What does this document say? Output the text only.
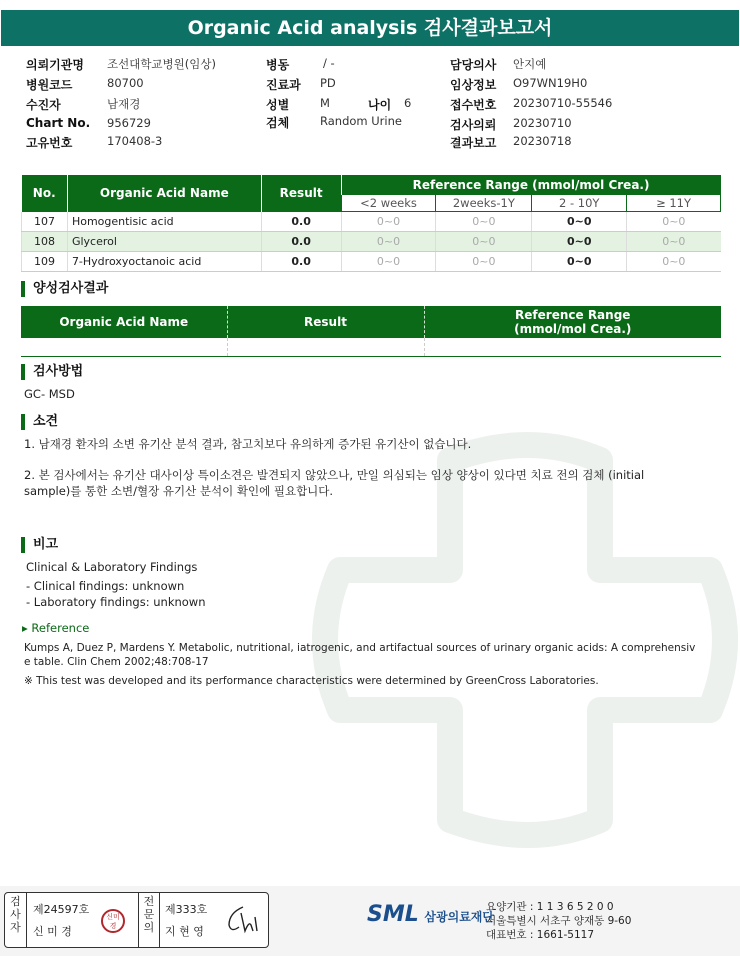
Organic Acid analysis 검사결과보고서
의뢰기관명 조선대학교병원(임상)
병원코드	80700
수진자	남재경
Chart No. 956729
고유번호	170408-3
병동	/ -
진료과 PD
성별	M	나이 6
검체	Random Urine
담당의사 안지예
임상정보 O97WN19H0
접수번호 20230710-55546
검사의뢰 20230710
결과보고 20230718
No.	Organic Acid Name	Result	Reference Range (mmol/mol Crea.)			
			<2 weeks	2weeks-1Y	2 - 10Y	≥ 11Y
107	Homogentisic acid	0.0	0~0	0~0	0~0	0~0
108	Glycerol	0.0	0~0	0~0	0~0	0~0
109	7-Hydroxyoctanoic acid	0.0	0~0	0~0	0~0	0~0
양성검사결과
Organic Acid Name	Result	Reference Range
(mmol/mol Crea.)

검사방법
GC- MSD
소견
1. 남재경 환자의 소변 유기산 분석 결과, 참고치보다 유의하게 증가된 유기산이 없습니다.
2. 본 검사에서는 유기산 대사이상 특이소견은 발견되지 않았으나, 만일 의심되는 임상 양상이 있다면 치료 전의 검체 (initial
sample)를 통한 소변/혈장 유기산 분석이 확인에 필요합니다.
비고
Clinical & Laboratory Findings
- Clinical findings: unknown
- Laboratory findings: unknown
▸ Reference
Kumps A, Duez P, Mardens Y. Metabolic, nutritional, iatrogenic, and artifactual sources of urinary organic acids: A comprehensiv
e table. Clin Chem 2002;48:708-17
※ This test was developed and its performance characteristics were determined by GreenCross Laboratories.
검사자
제24597호
신 미 경
신미경
전문의
제333호
지 현 영
SML 삼광의료재단
요양기관 : 1 1 3 6 5 2 0 0
서울특별시 서초구 양재동 9-60
대표번호 : 1661-5117
